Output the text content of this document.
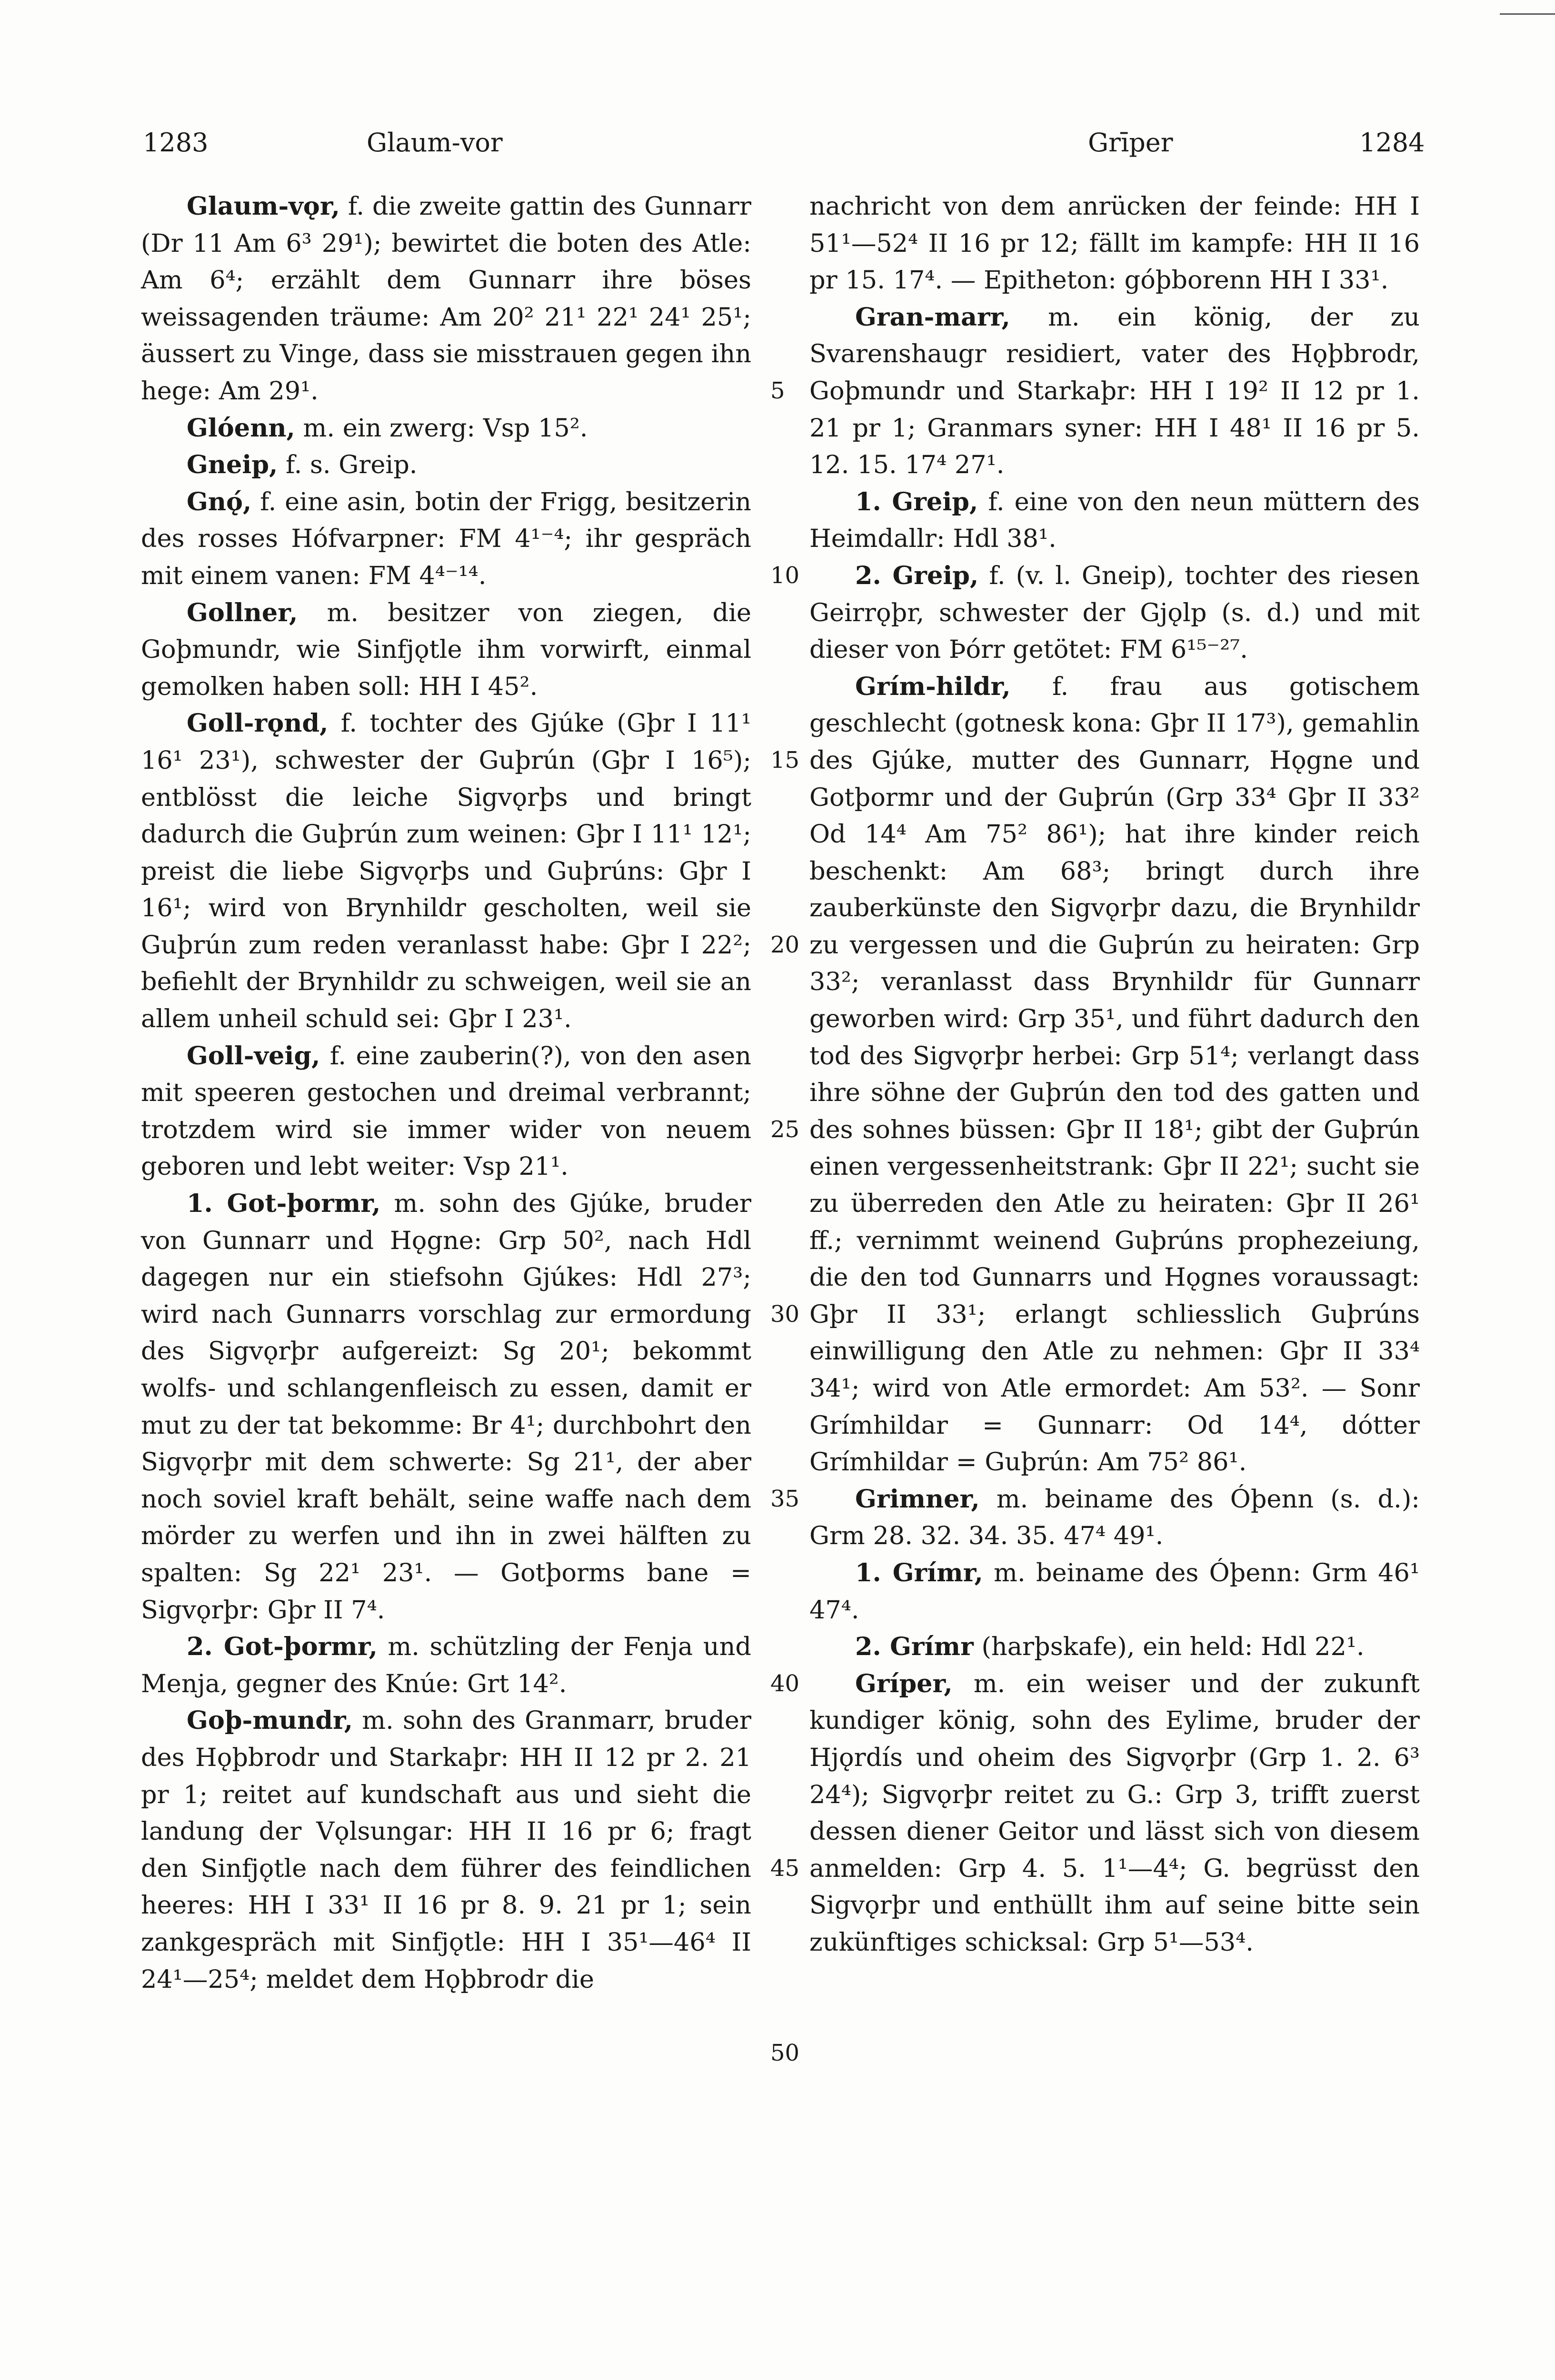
1283	Glaum-vor	Grīper	1284

Glaum-vǫr, f. die zweite gattin des Gunnarr (Dr 11 Am 6³ 29¹); bewirtet die boten des Atle: Am 6⁴; erzählt dem Gunnarr ihre böses weissagenden träume: Am 20² 21¹ 22¹ 24¹ 25¹; äussert zu Vinge, dass sie misstrauen gegen ihn hege: Am 29¹.

Glóenn, m. ein zwerg: Vsp 15².

Gneip, f. s. Greip.

Gnǫ́, f. eine asin, botin der Frigg, besitzerin des rosses Hófvarpner: FM 4¹⁻⁴; ihr gespräch mit einem vanen: FM 4⁴⁻¹⁴.

Gollner, m. besitzer von ziegen, die Goþmundr, wie Sinfjǫtle ihm vorwirft, einmal gemolken haben soll: HH I 45².

Goll-rǫnd, f. tochter des Gjúke (Gþr I 11¹ 16¹ 23¹), schwester der Guþrún (Gþr I 16⁵); entblösst die leiche Sigvǫrþs und bringt dadurch die Guþrún zum weinen: Gþr I 11¹ 12¹; preist die liebe Sigvǫrþs und Guþrúns: Gþr I 16¹; wird von Brynhildr gescholten, weil sie Guþrún zum reden veranlasst habe: Gþr I 22²; befiehlt der Brynhildr zu schweigen, weil sie an allem unheil schuld sei: Gþr I 23¹.

Goll-veig, f. eine zauberin(?), von den asen mit speeren gestochen und dreimal verbrannt; trotzdem wird sie immer wider von neuem geboren und lebt weiter: Vsp 21¹.

1. Got-þormr, m. sohn des Gjúke, bruder von Gunnarr und Hǫgne: Grp 50², nach Hdl dagegen nur ein stiefsohn Gjúkes: Hdl 27³; wird nach Gunnarrs vorschlag zur ermordung des Sigvǫrþr aufgereizt: Sg 20¹; bekommt wolfs- und schlangenfleisch zu essen, damit er mut zu der tat bekomme: Br 4¹; durchbohrt den Sigvǫrþr mit dem schwerte: Sg 21¹, der aber noch soviel kraft behält, seine waffe nach dem mörder zu werfen und ihn in zwei hälften zu spalten: Sg 22¹ 23¹. — Gotþorms bane = Sigvǫrþr: Gþr II 7⁴.

2. Got-þormr, m. schützling der Fenja und Menja, gegner des Knúe: Grt 14².

Goþ-mundr, m. sohn des Granmarr, bruder des Hǫþbrodr und Starkaþr: HH II 12 pr 2. 21 pr 1; reitet auf kundschaft aus und sieht die landung der Vǫlsungar: HH II 16 pr 6; fragt den Sinfjǫtle nach dem führer des feindlichen heeres: HH I 33¹ II 16 pr 8. 9. 21 pr 1; sein zankgespräch mit Sinfjǫtle: HH I 35¹—46⁴ II 24¹—25⁴; meldet dem Hǫþbrodr die

5
10
15
20
25
30
35
40
45
50

nachricht von dem anrücken der feinde: HH I 51¹—52⁴ II 16 pr 12; fällt im kampfe: HH II 16 pr 15. 17⁴. — Epitheton: góþborenn HH I 33¹.

Gran-marr, m. ein könig, der zu Svarenshaugr residiert, vater des Hǫþbrodr, Goþmundr und Starkaþr: HH I 19² II 12 pr 1. 21 pr 1; Granmars syner: HH I 48¹ II 16 pr 5. 12. 15. 17⁴ 27¹.

1. Greip, f. eine von den neun müttern des Heimdallr: Hdl 38¹.

2. Greip, f. (v. l. Gneip), tochter des riesen Geirrǫþr, schwester der Gjǫlp (s. d.) und mit dieser von Þórr getötet: FM 6¹⁵⁻²⁷.

Grím-hildr, f. frau aus gotischem geschlecht (gotnesk kona: Gþr II 17³), gemahlin des Gjúke, mutter des Gunnarr, Hǫgne und Gotþormr und der Guþrún (Grp 33⁴ Gþr II 33² Od 14⁴ Am 75² 86¹); hat ihre kinder reich beschenkt: Am 68³; bringt durch ihre zauberkünste den Sigvǫrþr dazu, die Brynhildr zu vergessen und die Guþrún zu heiraten: Grp 33²; veranlasst dass Brynhildr für Gunnarr geworben wird: Grp 35¹, und führt dadurch den tod des Sigvǫrþr herbei: Grp 51⁴; verlangt dass ihre söhne der Guþrún den tod des gatten und des sohnes büssen: Gþr II 18¹; gibt der Guþrún einen vergessenheitstrank: Gþr II 22¹; sucht sie zu überreden den Atle zu heiraten: Gþr II 26¹ ff.; vernimmt weinend Guþrúns prophezeiung, die den tod Gunnarrs und Hǫgnes voraussagt: Gþr II 33¹; erlangt schliesslich Guþrúns einwilligung den Atle zu nehmen: Gþr II 33⁴ 34¹; wird von Atle ermordet: Am 53². — Sonr Grímhildar = Gunnarr: Od 14⁴, dótter Grímhildar = Guþrún: Am 75² 86¹.

Grimner, m. beiname des Óþenn (s. d.): Grm 28. 32. 34. 35. 47⁴ 49¹.

1. Grímr, m. beiname des Óþenn: Grm 46¹ 47⁴.

2. Grímr (harþskafe), ein held: Hdl 22¹.

Gríper, m. ein weiser und der zukunft kundiger könig, sohn des Eylime, bruder der Hjǫrdís und oheim des Sigvǫrþr (Grp 1. 2. 6³ 24⁴); Sigvǫrþr reitet zu G.: Grp 3, trifft zuerst dessen diener Geitor und lässt sich von diesem anmelden: Grp 4. 5. 1¹—4⁴; G. begrüsst den Sigvǫrþr und enthüllt ihm auf seine bitte sein zukünftiges schicksal: Grp 5¹—53⁴.
